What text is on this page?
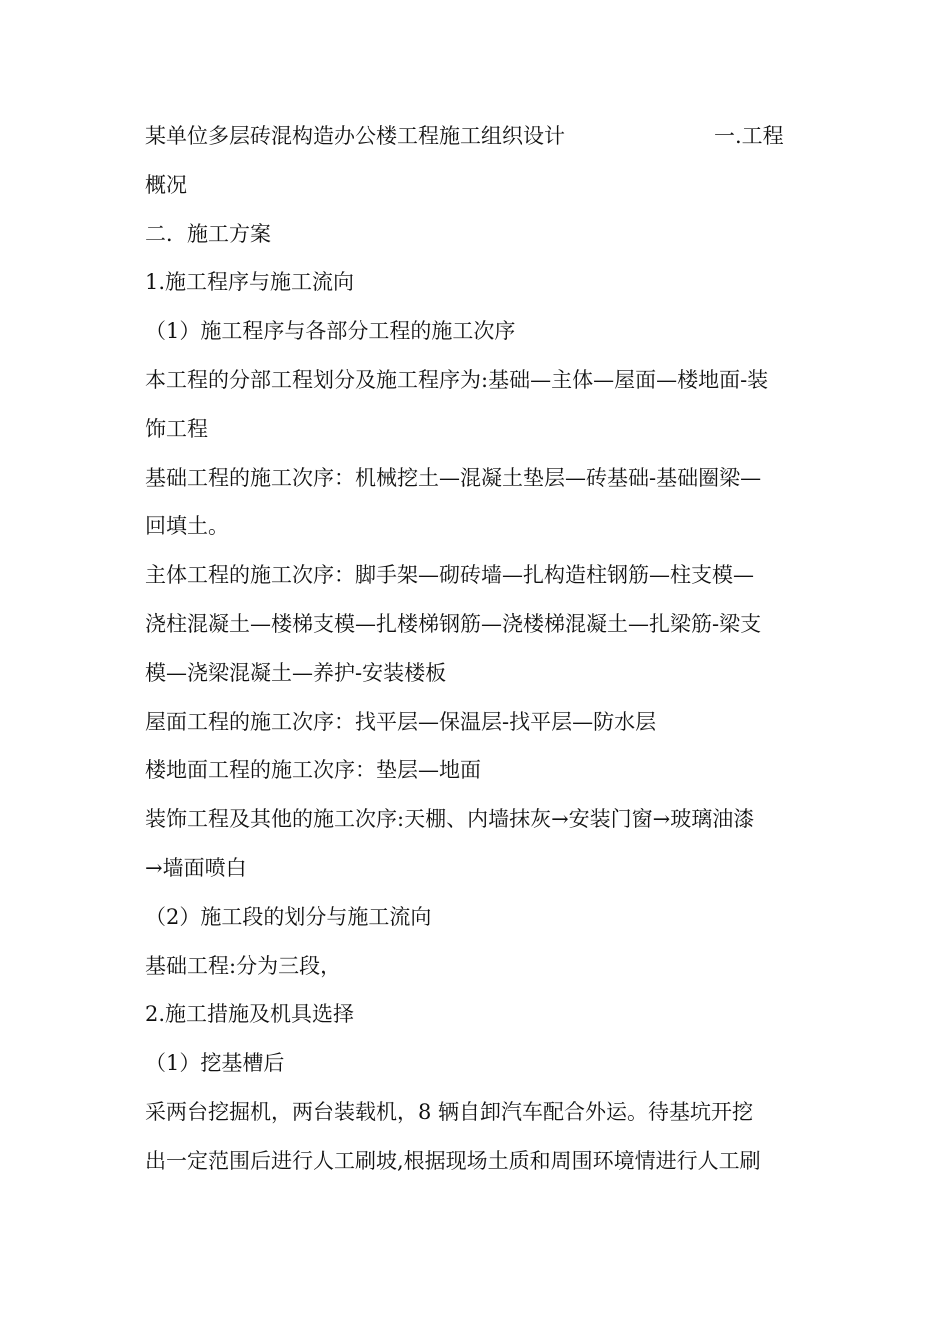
某单位多层砖混构造办公楼工程施工组织设计	一.工程
概况
二．施工方案
1.施工程序与施工流向
（1）施工程序与各部分工程的施工次序
本工程的分部工程划分及施工程序为:基础—主体—屋面—楼地面-装
饰工程
基础工程的施工次序：机械挖土—混凝土垫层—砖基础-基础圈梁—
回填土。
主体工程的施工次序：脚手架—砌砖墙—扎构造柱钢筋—柱支模—
浇柱混凝土—楼梯支模—扎楼梯钢筋—浇楼梯混凝土—扎梁筋-梁支
模—浇梁混凝土—养护-安装楼板
屋面工程的施工次序：找平层—保温层-找平层—防水层
楼地面工程的施工次序：垫层—地面
装饰工程及其他的施工次序:天棚、内墙抹灰→安装门窗→玻璃油漆
→墙面喷白
（2）施工段的划分与施工流向
基础工程:分为三段，
2.施工措施及机具选择
（1）挖基槽后
采两台挖掘机，两台装载机，8 辆自卸汽车配合外运。待基坑开挖
出一定范围后进行人工刷坡,根据现场土质和周围环境情进行人工刷
